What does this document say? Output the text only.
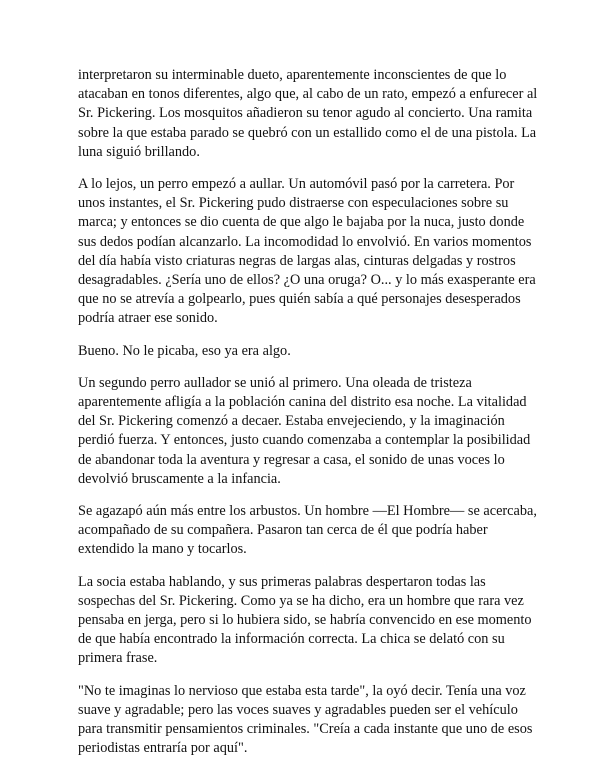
interpretaron su interminable dueto, aparentemente inconscientes de que lo atacaban en tonos diferentes, algo que, al cabo de un rato, empezó a enfurecer al Sr. Pickering. Los mosquitos añadieron su tenor agudo al concierto. Una ramita sobre la que estaba parado se quebró con un estallido como el de una pistola. La luna siguió brillando.

A lo lejos, un perro empezó a aullar. Un automóvil pasó por la carretera. Por unos instantes, el Sr. Pickering pudo distraerse con especulaciones sobre su marca; y entonces se dio cuenta de que algo le bajaba por la nuca, justo donde sus dedos podían alcanzarlo. La incomodidad lo envolvió. En varios momentos del día había visto criaturas negras de largas alas, cinturas delgadas y rostros desagradables. ¿Sería uno de ellos? ¿O una oruga? O... y lo más exasperante era que no se atrevía a golpearlo, pues quién sabía a qué personajes desesperados podría atraer ese sonido.

Bueno. No le picaba, eso ya era algo.

Un segundo perro aullador se unió al primero. Una oleada de tristeza aparentemente afligía a la población canina del distrito esa noche. La vitalidad del Sr. Pickering comenzó a decaer. Estaba envejeciendo, y la imaginación perdió fuerza. Y entonces, justo cuando comenzaba a contemplar la posibilidad de abandonar toda la aventura y regresar a casa, el sonido de unas voces lo devolvió bruscamente a la infancia.

Se agazapó aún más entre los arbustos. Un hombre —El Hombre— se acercaba, acompañado de su compañera. Pasaron tan cerca de él que podría haber extendido la mano y tocarlos.

La socia estaba hablando, y sus primeras palabras despertaron todas las sospechas del Sr. Pickering. Como ya se ha dicho, era un hombre que rara vez pensaba en jerga, pero si lo hubiera sido, se habría convencido en ese momento de que había encontrado la información correcta. La chica se delató con su primera frase.

"No te imaginas lo nervioso que estaba esta tarde", la oyó decir. Tenía una voz suave y agradable; pero las voces suaves y agradables pueden ser el vehículo para transmitir pensamientos criminales. "Creía a cada instante que uno de esos periodistas entraría por aquí".
